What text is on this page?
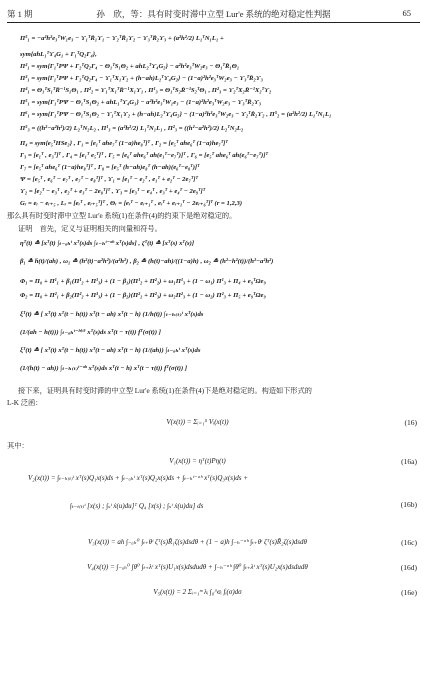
第 1 期	孙　欣，等：具有时变时滞中立型 Lur'e 系统的绝对稳定性判据	65
Π⁵₁ = −a²h²e₃ᵀW₁e₃ − ϒ₁ᵀR̃₁ϒ₁ − ϒ₂ᵀR̃₁ϒ₂ − ϒ₃ᵀR̃₂ϒ₃ + (a²h²/2) L₁ᵀN₁L₁ +
sym{ahL₁ᵀϒ₄G₁ + Γ₁ᵀQ₂Γ₄},
Π²₁ = sym{Γ₁ᵀPΨ + Γ₂ᵀQ₂Γ₄ − Θ₁ᵀS₁Θ₂ + ahL₂ᵀϒ₄G₂} − a²h²e₃ᵀW₂e₃ − Θ₁ᵀR̃₁Θ₁
Π³₁ = sym{Γ₁ᵀPΨ + Γ₂ᵀQ₂Γ₄ − ϒ₁ᵀX₁ϒ₂ + (h−ah)L₂ᵀϒ₄G₂} − (1−a)²h²e₃ᵀW₂e₃ − ϒ₃ᵀR̃₂ϒ₃
Π⁴₁ = Θ₁ᵀS₁ᵀR̃⁻¹S₁Θ₁ , Π²₂ = ϒ₁ᵀX₁ᵀR̃⁻¹X₁ϒ₁ , Π¹₃ = Θ₁ᵀS₂R̃⁻¹S₂ᵀΘ₁ , Π²₃ = ϒ₂ᵀX₂R̃⁻¹X₂ᵀϒ₂
Π⁵₁ = sym{Γ₁ᵀPΨ − Θ₁ᵀS₁Θ₂ + ahL₁ᵀϒ₄G₁} − a²h²e₃ᵀW₁e₃ − (1−a)²h²e₃ᵀW₂e₃ − ϒ₃ᵀR̃₂ϒ₃
Π⁶₁ = sym{Γ₁ᵀPΨ − Θ₁ᵀS₁Θ₂ − ϒ₁ᵀX₁ϒ₂ + (h−ah)L₂ᵀϒ₄G₂} − (1−a)²h²e₃ᵀW₂e₃ − ϒ₂ᵀR̃₂ϒ₂ , Π⁵₂ = (a²h²/2) L₁ᵀN₁L₁
Π⁵₃ = ((h²−a²h²)/2) L₂ᵀN₂L₂ , Π¹₃ = (a²h²/2) L₁ᵀN₁L₁ , Π²₃ = ((h²−a²h²)/2) L₂ᵀN₂L₂
Π₄ = sym{e₅ᵀHSe₂} , Γ₁ = [e₁ᵀ ahe₇ᵀ (1−a)he₈ᵀ]ᵀ , Γ₂ = [e₅ᵀ ahe₆ᵀ (1−a)he₇ᵀ]ᵀ
Γ₃ = [e₁ᵀ , e₃ᵀ]ᵀ , Γ₄ = [e₁ᵀ e₅ᵀ]ᵀ , Γ₅ = [e₆ᵀ ahe₆ᵀ ah(e₁ᵀ−e₇ᵀ)]ᵀ , Γ₆ = [e₅ᵀ ahe₆ᵀ ah(e₆ᵀ−e₇ᵀ)]ᵀ
Γ₇ = [e₅ᵀ ahe₆ᵀ (1−a)he₈ᵀ]ᵀ , Γ₈ = [e₅ᵀ (h−ah)e₈ᵀ (h−ah)(e₆ᵀ−e₈ᵀ)]ᵀ
Ψ = [e₅ᵀ , e₆ᵀ − e₇ᵀ , e₇ᵀ − e₈ᵀ]ᵀ , ϒ₁ = [e₁ᵀ − e₂ᵀ , e₁ᵀ + e₂ᵀ − 2e₇ᵀ]ᵀ
ϒ₂ = [e₂ᵀ − e₃ᵀ , e₂ᵀ + e₃ᵀ − 2e₈ᵀ]ᵀ , ϒ₃ = [e₃ᵀ − e₄ᵀ , e₃ᵀ + e₄ᵀ − 2e₉ᵀ]ᵀ
Gᵣ = eᵣ − eᵣ₊₅ , Lᵣ = [eᵣᵀ , eᵣ₊₅ᵀ]ᵀ , Θᵣ = [eᵣᵀ − eᵣ₊₁ᵀ , eᵣᵀ + eᵣ₊₁ᵀ − 2eᵣ₊₆ᵀ]ᵀ (r = 1,2,3)
那么具有时变时滞中立型 Lur'e 系统(1)在条件(4)的约束下是绝对稳定的。
证明　首先，定义与证明相关的向量和符号。
ηᵀ(t) ≜ [xᵀ(t) ∫ₜ₋ₐₕᵗ xᵀ(s)ds ∫ₜ₋ₕᵗ⁻ᵃʰ xᵀ(s)ds] , ζᵀ(t) ≜ [xᵀ(s) xᵀ(s)]
β₁ ≜ ḣ(t)/(ah) , ω₁ ≜ (h²(t)−a²h²)/(a²h²) , β₂ ≜ (h(t)−ah)/((1−a)h) , ω₂ ≜ (h²−h²(t))/(h²−a²h²)
Φ₁ = Π₀ + Π¹₁ + β₁(Π¹₂ + Π¹₃) + (1 − β₁)(Π¹₂ + Π²₂) + ω₁Π¹₃ + (1 − ω₁) Π¹₃ + Π₄ + e₉ᵀΩe₉
Φ₂ = Π₀ + Π²₁ + β₂(Π²₂ + Π³₃) + (1 − β₂)(Π²₂ + Π²₃) + ω₂Π²₃ + (1 − ω₂) Π²₃ + Π₅ + e₉ᵀΩe₉
ξᵀ(t) ≜ [ xᵀ(t) xᵀ(t − h(t)) xᵀ(t − ah) xᵀ(t − h) (1/h(t)) ∫ₜ₋ₕ₍ₜ₎ᵗ xᵀ(s)ds
(1/(ah − h(t))) ∫ₜ₋ₐₕᵗ⁻ʰ⁽ᵗ⁾ xᵀ(s)ds xᵀ(t − τ(t)) fᵀ(σ(t)) ]
ξᵀ(t) ≜ [ xᵀ(t) xᵀ(t − h(t)) xᵀ(t − ah) xᵀ(t − h) (1/(ah)) ∫ₜ₋ₐₕᵗ xᵀ(s)ds
(1/(h(t) − ah)) ∫ₜ₋ₕ₍ₜ₎ᵗ⁻ᵃʰ xᵀ(s)ds xᵀ(t − h) xᵀ(t − τ(t)) fᵀ(σ(t)) ]
接下来，证明具有时变时滞的中立型 Lur'e 系统(1)在条件(4)下是绝对稳定的。构造如下形式的
L-K 泛函：
V(x(t)) = Σᵢ₌₁⁵ Vᵢ(x(t))	(16)
其中：
V₁(x(t)) = ηᵀ(t)Pη(t)	(16a)
V₂(x(t)) = ∫ₜ₋ₕ₍ₜ₎ᵗ xᵀ(s)Q₁x(s)ds + ∫ₜ₋ₐₕᵗ xᵀ(s)Q₂x(s)ds + ∫ₜ₋ₕᵗ⁻ᵃʰ xᵀ(s)Q₃x(s)ds +
∫ₜ₋ₜ₍ₜ₎ᵗ [x(s) ; ∫ₛᵗ ẋ(u)du]ᵀ Q₄ [x(s) ; ∫ₛᵗ ẋ(u)du] ds	(16b)
V₃(x(t)) = ah ∫₋ₐₕ⁰ ∫ₜ₊θᵗ ζᵀ(s)R̃₁ζ(s)dsdθ + (1 − a)h ∫₋ₕ⁻ᵃʰ ∫ₜ₊θᵗ ζᵀ(s)R̃₂ζ(s)dsdθ	(16c)
V₄(x(t)) = ∫₋ₐₕ⁰ ∫θ⁰ ∫ₜ₊λᵗ xᵀ(s)U₁x(s)dsdudθ + ∫₋ₕ⁻ᵃʰ ∫θ⁰ ∫ₜ₊λᵗ xᵀ(s)U₂x(s)dsdudθ	(16d)
V₅(x(t)) = 2 Σᵢ₌₁ᵐ λᵢ ∫₀^σᵢ fᵢ(σ)dσ	(16e)
